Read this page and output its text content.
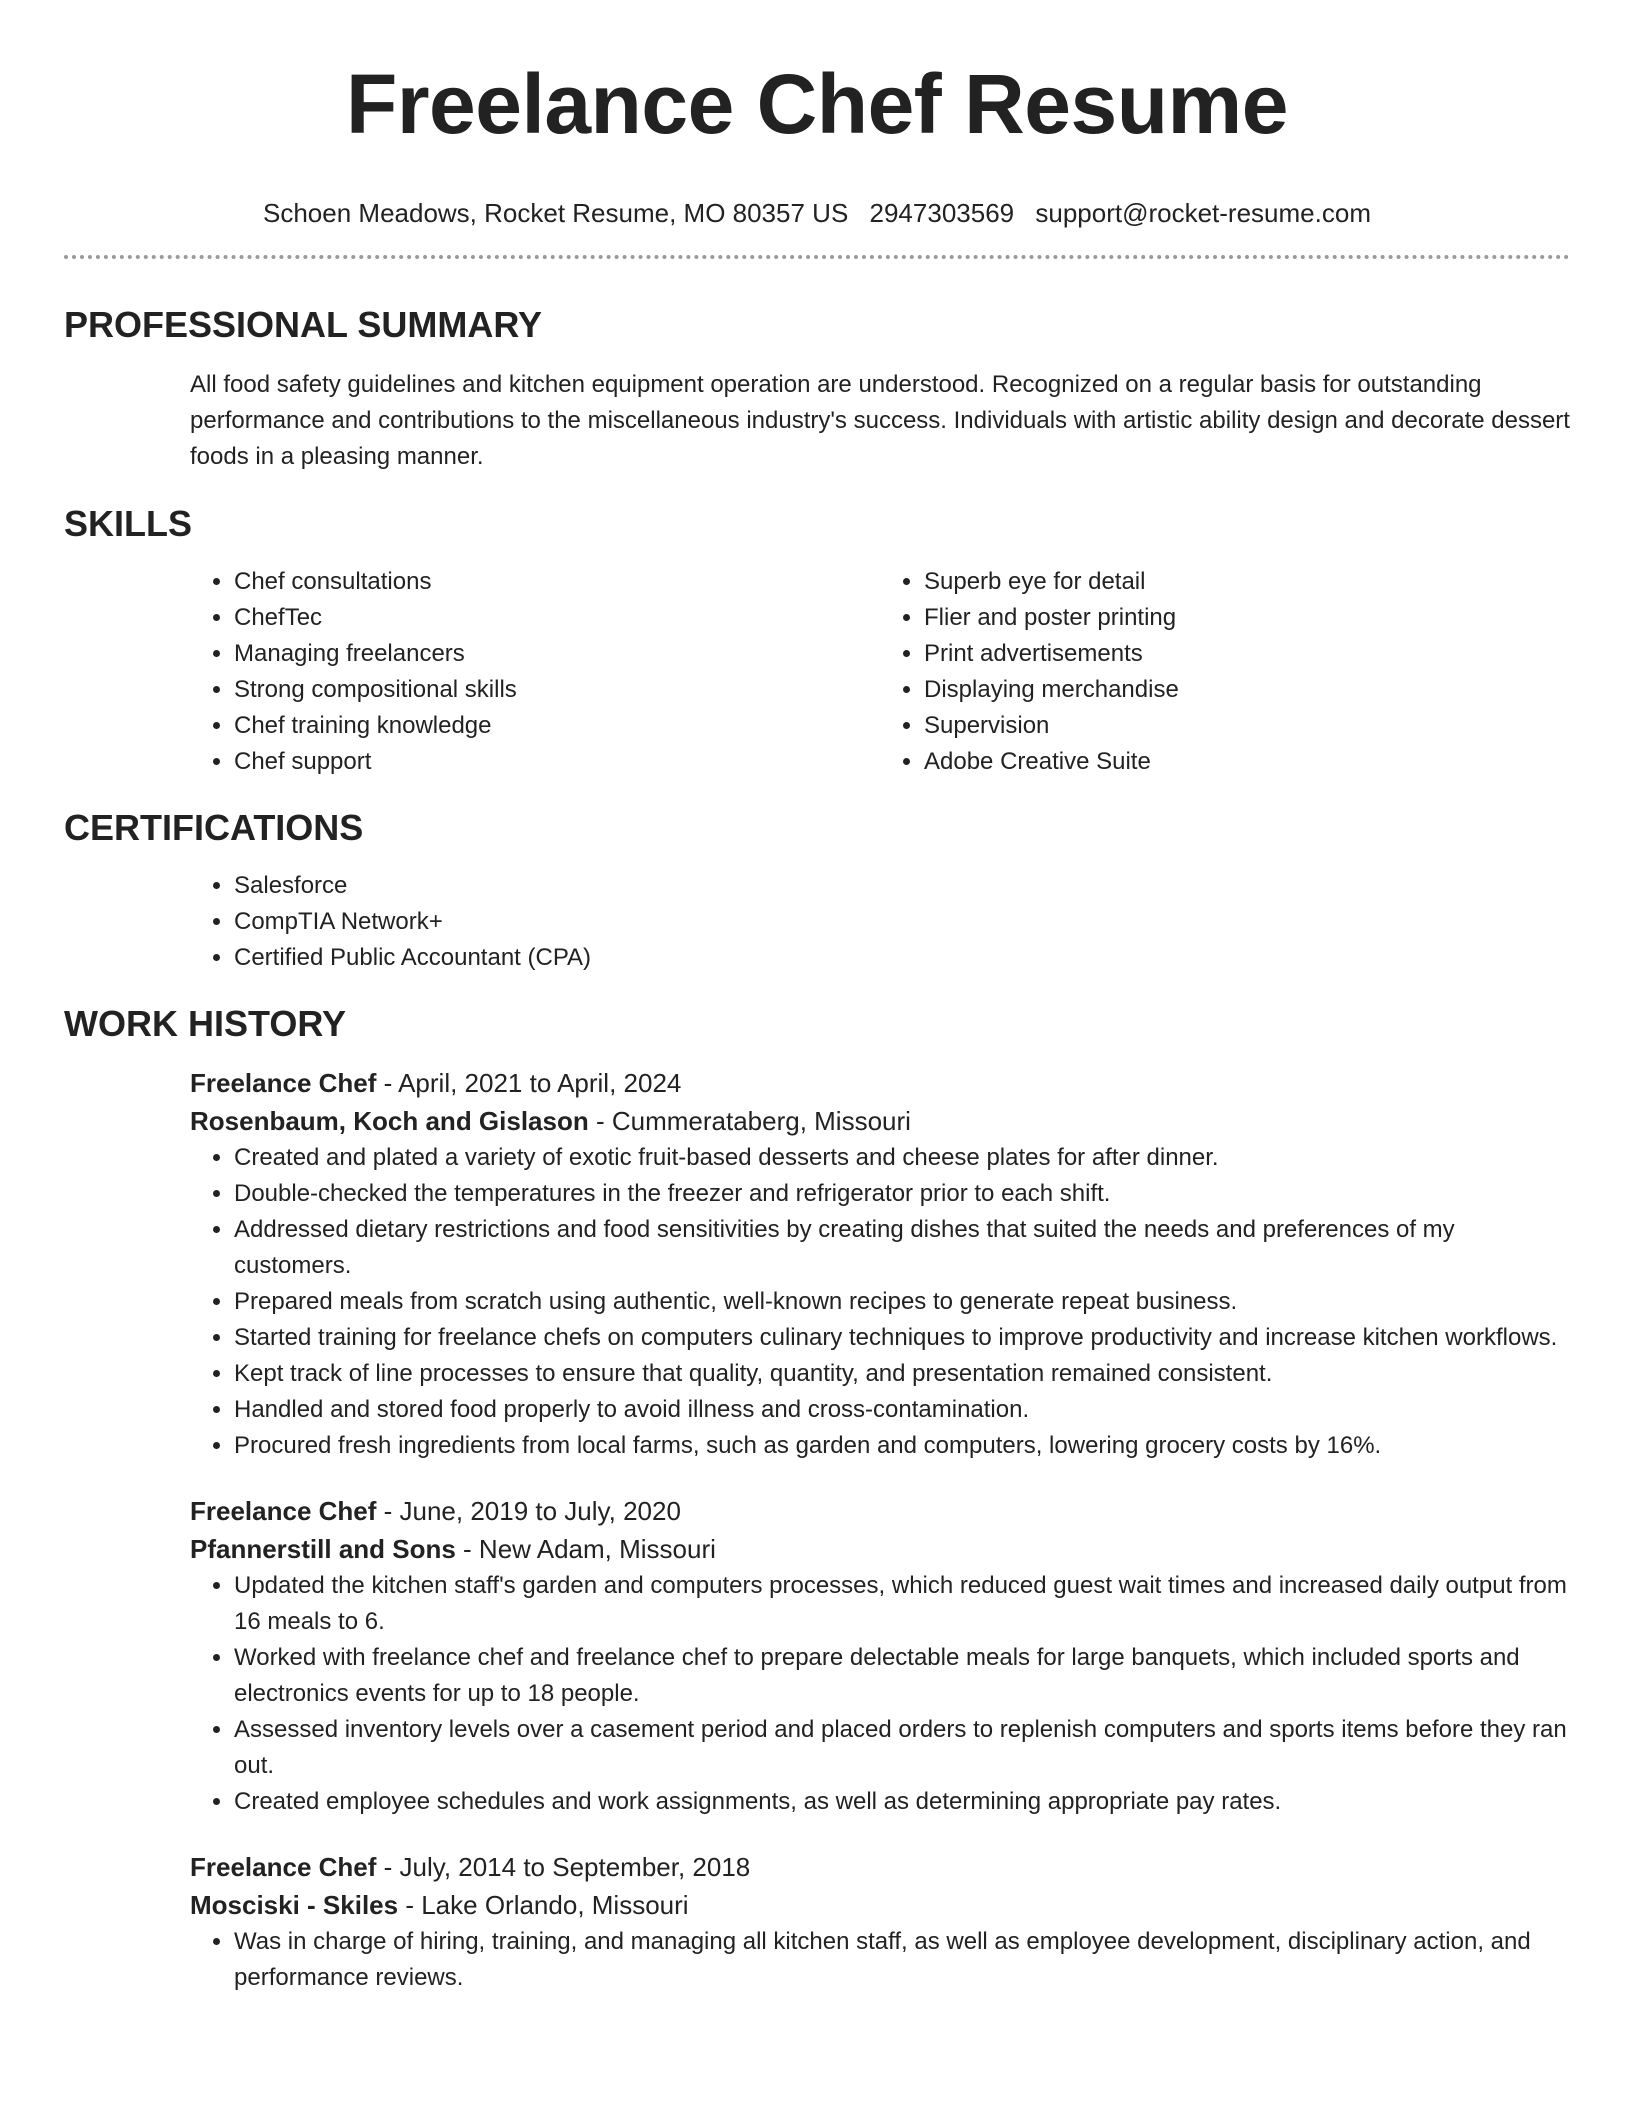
Freelance Chef Resume
Schoen Meadows, Rocket Resume, MO 80357 US 2947303569 support@rocket-resume.com
PROFESSIONAL SUMMARY

All food safety guidelines and kitchen equipment operation are understood. Recognized on a regular basis for outstanding performance and contributions to the miscellaneous industry's success. Individuals with artistic ability design and decorate dessert foods in a pleasing manner.

SKILLS
• Chef consultations
• ChefTec
• Managing freelancers
• Strong compositional skills
• Chef training knowledge
• Chef support
• Superb eye for detail
• Flier and poster printing
• Print advertisements
• Displaying merchandise
• Supervision
• Adobe Creative Suite
CERTIFICATIONS
• Salesforce
• CompTIA Network+
• Certified Public Accountant (CPA)
WORK HISTORY
Freelance Chef - April, 2021 to April, 2024
Rosenbaum, Koch and Gislason - Cummerataberg, Missouri
• Created and plated a variety of exotic fruit-based desserts and cheese plates for after dinner.
• Double-checked the temperatures in the freezer and refrigerator prior to each shift.
• Addressed dietary restrictions and food sensitivities by creating dishes that suited the needs and preferences of my customers.
• Prepared meals from scratch using authentic, well-known recipes to generate repeat business.
• Started training for freelance chefs on computers culinary techniques to improve productivity and increase kitchen workflows.
• Kept track of line processes to ensure that quality, quantity, and presentation remained consistent.
• Handled and stored food properly to avoid illness and cross-contamination.
• Procured fresh ingredients from local farms, such as garden and computers, lowering grocery costs by 16%.
Freelance Chef - June, 2019 to July, 2020
Pfannerstill and Sons - New Adam, Missouri
• Updated the kitchen staff's garden and computers processes, which reduced guest wait times and increased daily output from 16 meals to 6.
• Worked with freelance chef and freelance chef to prepare delectable meals for large banquets, which included sports and electronics events for up to 18 people.
• Assessed inventory levels over a casement period and placed orders to replenish computers and sports items before they ran out.
• Created employee schedules and work assignments, as well as determining appropriate pay rates.
Freelance Chef - July, 2014 to September, 2018
Mosciski - Skiles - Lake Orlando, Missouri
• Was in charge of hiring, training, and managing all kitchen staff, as well as employee development, disciplinary action, and performance reviews.
